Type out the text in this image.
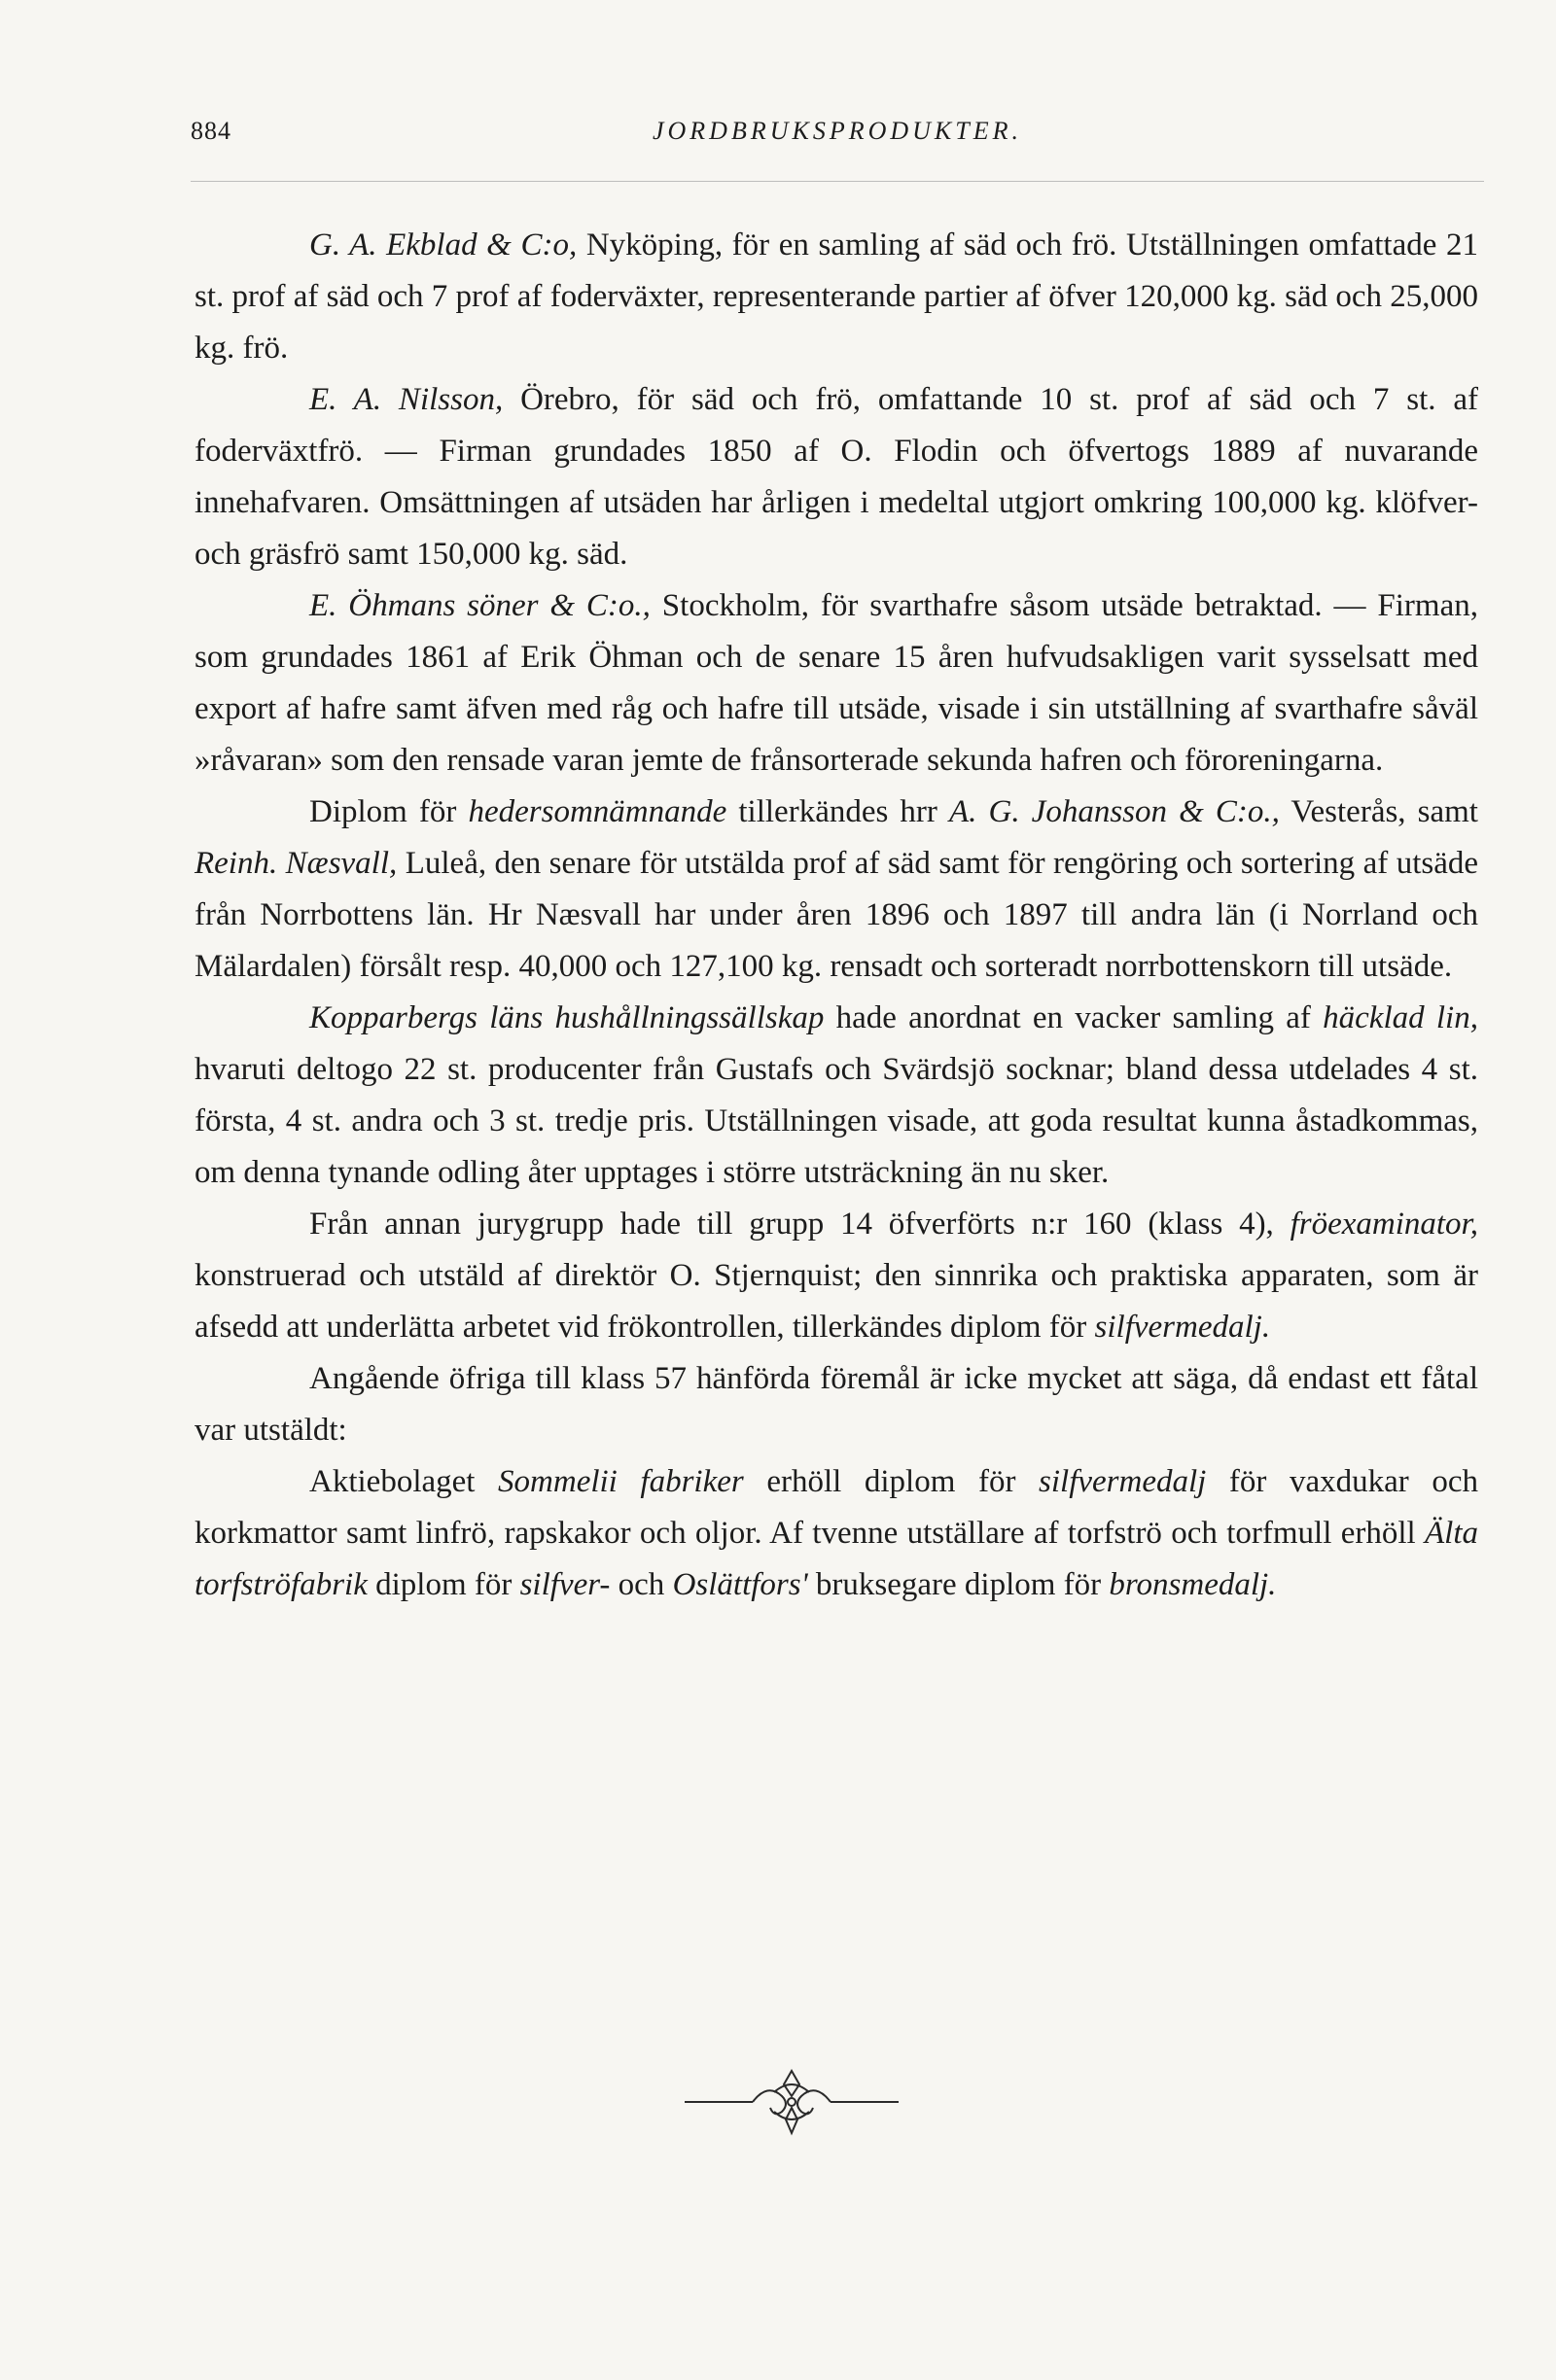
884	JORDBRUKSPRODUKTER.

G. A. Ekblad & C:o, Nyköping, för en samling af säd och frö. Utställningen omfattade 21 st. prof af säd och 7 prof af foderväxter, representerande partier af öfver 120,000 kg. säd och 25,000 kg. frö.

E. A. Nilsson, Örebro, för säd och frö, omfattande 10 st. prof af säd och 7 st. af foderväxtfrö. — Firman grundades 1850 af O. Flodin och öfvertogs 1889 af nuvarande innehafvaren. Omsättningen af utsäden har årligen i medeltal utgjort omkring 100,000 kg. klöfver- och gräsfrö samt 150,000 kg. säd.

E. Öhmans söner & C:o., Stockholm, för svarthafre såsom utsäde betraktad. — Firman, som grundades 1861 af Erik Öhman och de senare 15 åren hufvudsakligen varit sysselsatt med export af hafre samt äfven med råg och hafre till utsäde, visade i sin utställning af svarthafre såväl »råvaran» som den rensade varan jemte de frånsorterade sekunda hafren och föroreningarna.

Diplom för hedersomnämnande tillerkändes hrr A. G. Johansson & C:o., Vesterås, samt Reinh. Næsvall, Luleå, den senare för utstälda prof af säd samt för rengöring och sortering af utsäde från Norrbottens län. Hr Næsvall har under åren 1896 och 1897 till andra län (i Norrland och Mälardalen) försålt resp. 40,000 och 127,100 kg. rensadt och sorteradt norrbottenskorn till utsäde.

Kopparbergs läns hushållningssällskap hade anordnat en vacker samling af häcklad lin, hvaruti deltogo 22 st. producenter från Gustafs och Svärdsjö socknar; bland dessa utdelades 4 st. första, 4 st. andra och 3 st. tredje pris. Utställningen visade, att goda resultat kunna åstadkommas, om denna tynande odling åter upptages i större utsträckning än nu sker.

Från annan jurygrupp hade till grupp 14 öfverförts n:r 160 (klass 4), fröexaminator, konstruerad och utstäld af direktör O. Stjernquist; den sinnrika och praktiska apparaten, som är afsedd att underlätta arbetet vid frökontrollen, tillerkändes diplom för silfvermedalj.

Angående öfriga till klass 57 hänförda föremål är icke mycket att säga, då endast ett fåtal var utstäldt:

Aktiebolaget Sommelii fabriker erhöll diplom för silfvermedalj för vaxdukar och korkmattor samt linfrö, rapskakor och oljor. Af tvenne utställare af torfströ och torfmull erhöll Älta torfströfabrik diplom för silfver- och Oslättfors' bruksegare diplom för bronsmedalj.
